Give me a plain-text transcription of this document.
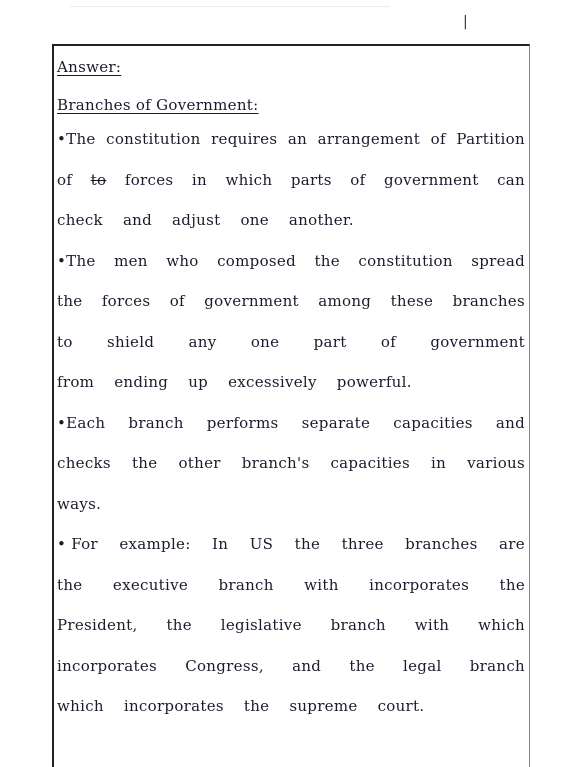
|
Answer:
Branches of Government:
•The constitution requires an arrangement of Partition
of to forces in which parts of government can
check and adjust one another.
•The men who composed the constitution spread
the forces of government among these branches
to shield any one part of government
from ending up excessively powerful.
•Each branch performs separate capacities and
checks the other branch's capacities in various
ways.
• For example: In US the three branches are
the executive branch with incorporates the
President, the legislative branch with which
incorporates Congress, and the legal branch
which incorporates the supreme court.
